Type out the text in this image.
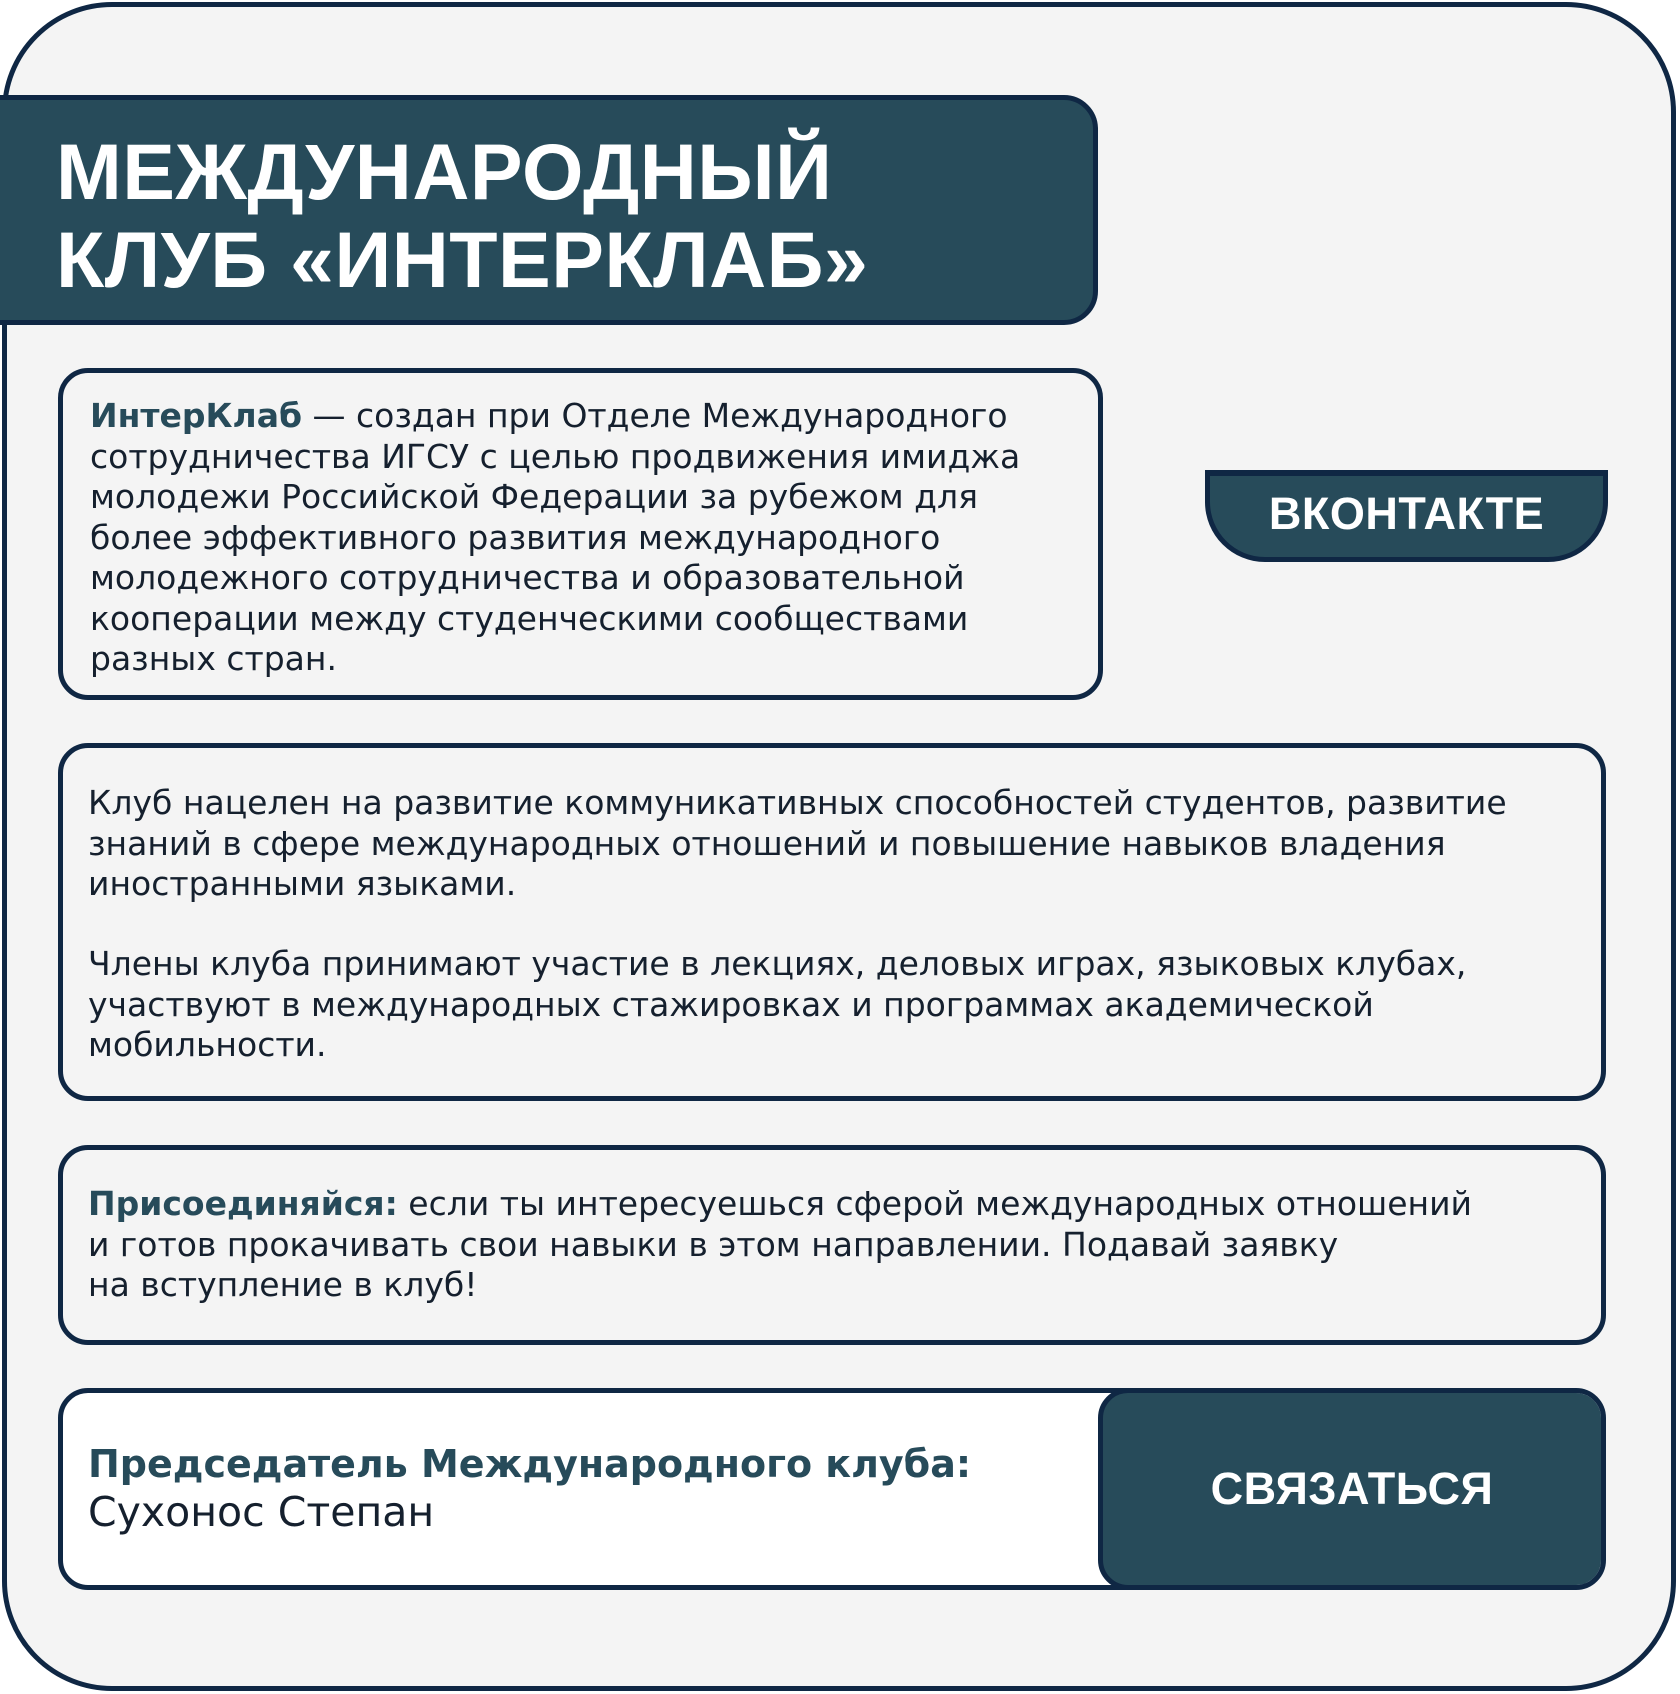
МЕЖДУНАРОДНЫЙ
КЛУБ «ИНТЕРКЛАБ»
ИнтерКлаб — создан при Отделе Международного
сотрудничества ИГСУ с целью продвижения имиджа
молодежи Российской Федерации за рубежом для
более эффективного развития международного
молодежного сотрудничества и образовательной
кооперации между студенческими сообществами
разных стран.
ВКОНТАКТЕ
Клуб нацелен на развитие коммуникативных способностей студентов, развитие
знаний в сфере международных отношений и повышение навыков владения
иностранными языками.
Члены клуба принимают участие в лекциях, деловых играх, языковых клубах,
участвуют в международных стажировках и программах академической
мобильности.
Присоединяйся: если ты интересуешься сферой международных отношений
и готов прокачивать свои навыки в этом направлении. Подавай заявку
на вступление в клуб!
СВЯЗАТЬСЯ
Председатель Международного клуба:
Сухонос Степан
